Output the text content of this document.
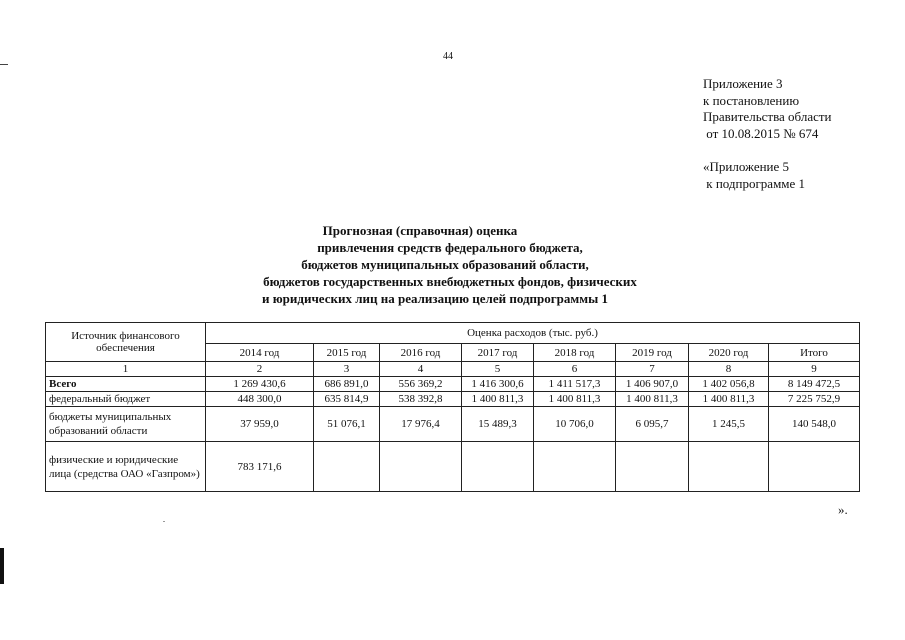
44
Приложение 3
к постановлению
Правительства области
от 10.08.2015 № 674
«Приложение 5
к подпрограмме 1
Прогнозная (справочная) оценка
привлечения средств федерального бюджета,
бюджетов муниципальных образований области,
бюджетов государственных внебюджетных фондов, физических
и юридических лиц на реализацию целей подпрограммы 1
Источник финансового обеспечения	Оценка расходов (тыс. руб.)							
	2014 год	2015 год	2016 год	2017 год	2018 год	2019 год	2020 год	Итого
1	2	3	4	5	6	7	8	9
Всего	1 269 430,6	686 891,0	556 369,2	1 416 300,6	1 411 517,3	1 406 907,0	1 402 056,8	8 149 472,5
федеральный бюджет	448 300,0	635 814,9	538 392,8	1 400 811,3	1 400 811,3	1 400 811,3	1 400 811,3	7 225 752,9
бюджеты муниципальных образований области	37 959,0	51 076,1	17 976,4	15 489,3	10 706,0	6 095,7	1 245,5	140 548,0
физические и юридические лица (средства ОАО «Газпром»)	783 171,6							
».
